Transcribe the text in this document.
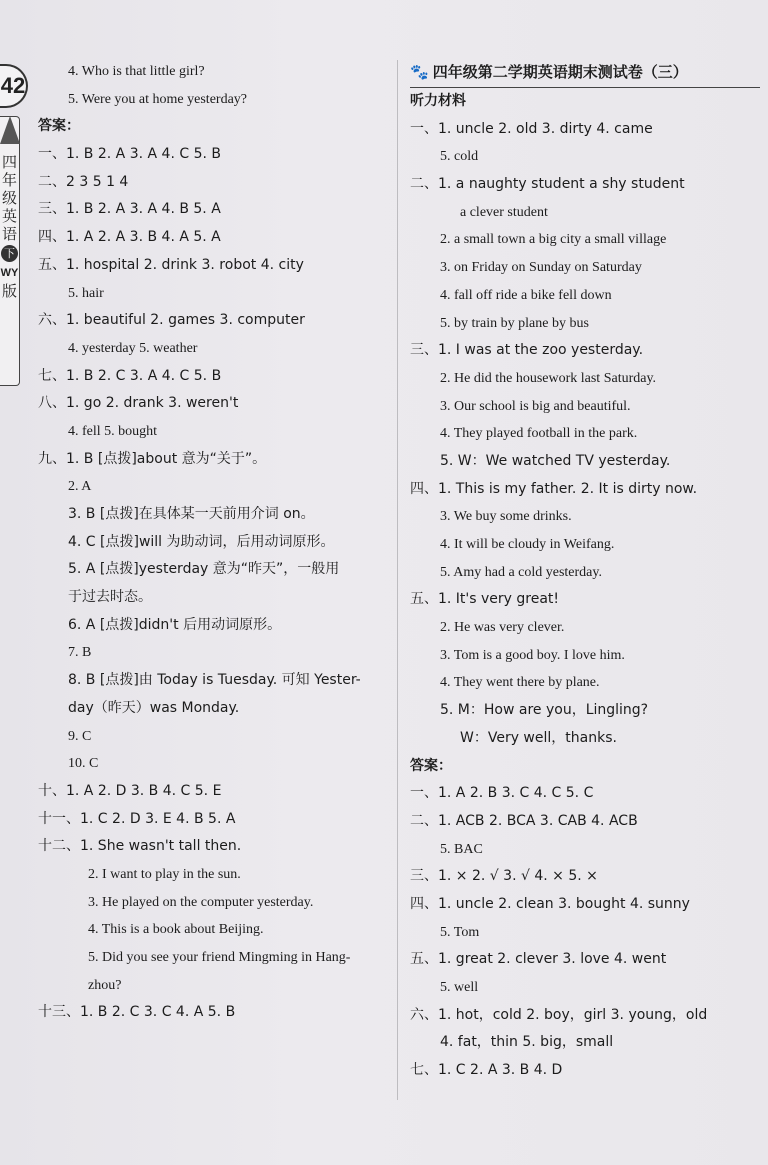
42
四
年
级
英
语
下
WY
版
4. Who is that little girl?
5. Were you at home yesterday?
答案：
一、1. B 2. A 3. A 4. C 5. B
二、2 3 5 1 4
三、1. B 2. A 3. A 4. B 5. A
四、1. A 2. A 3. B 4. A 5. A
五、1. hospital 2. drink 3. robot 4. city
5. hair
六、1. beautiful 2. games 3. computer
4. yesterday 5. weather
七、1. B 2. C 3. A 4. C 5. B
八、1. go 2. drank 3. weren't
4. fell 5. bought
九、1. B [点拨]about 意为“关于”。
2. A
3. B [点拨]在具体某一天前用介词 on。
4. C [点拨]will 为助动词，后用动词原形。
5. A [点拨]yesterday 意为“昨天”，一般用
于过去时态。
6. A [点拨]didn't 后用动词原形。
7. B
8. B [点拨]由 Today is Tuesday. 可知 Yester-
day（昨天）was Monday.
9. C
10. C
十、1. A 2. D 3. B 4. C 5. E
十一、1. C 2. D 3. E 4. B 5. A
十二、1. She wasn't tall then.
2. I want to play in the sun.
3. He played on the computer yesterday.
4. This is a book about Beijing.
5. Did you see your friend Mingming in Hang-
zhou?
十三、1. B 2. C 3. C 4. A 5. B
🐾 四年级第二学期英语期末测试卷（三）
听力材料
一、1. uncle 2. old 3. dirty 4. came
5. cold
二、1. a naughty student a shy student
a clever student
2. a small town a big city a small village
3. on Friday on Sunday on Saturday
4. fall off ride a bike fell down
5. by train by plane by bus
三、1. I was at the zoo yesterday.
2. He did the housework last Saturday.
3. Our school is big and beautiful.
4. They played football in the park.
5. W：We watched TV yesterday.
四、1. This is my father. 2. It is dirty now.
3. We buy some drinks.
4. It will be cloudy in Weifang.
5. Amy had a cold yesterday.
五、1. It's very great!
2. He was very clever.
3. Tom is a good boy. I love him.
4. They went there by plane.
5. M：How are you，Lingling?
W：Very well，thanks.
答案：
一、1. A 2. B 3. C 4. C 5. C
二、1. ACB 2. BCA 3. CAB 4. ACB
5. BAC
三、1. × 2. √ 3. √ 4. × 5. ×
四、1. uncle 2. clean 3. bought 4. sunny
5. Tom
五、1. great 2. clever 3. love 4. went
5. well
六、1. hot，cold 2. boy，girl 3. young，old
4. fat，thin 5. big，small
七、1. C 2. A 3. B 4. D
